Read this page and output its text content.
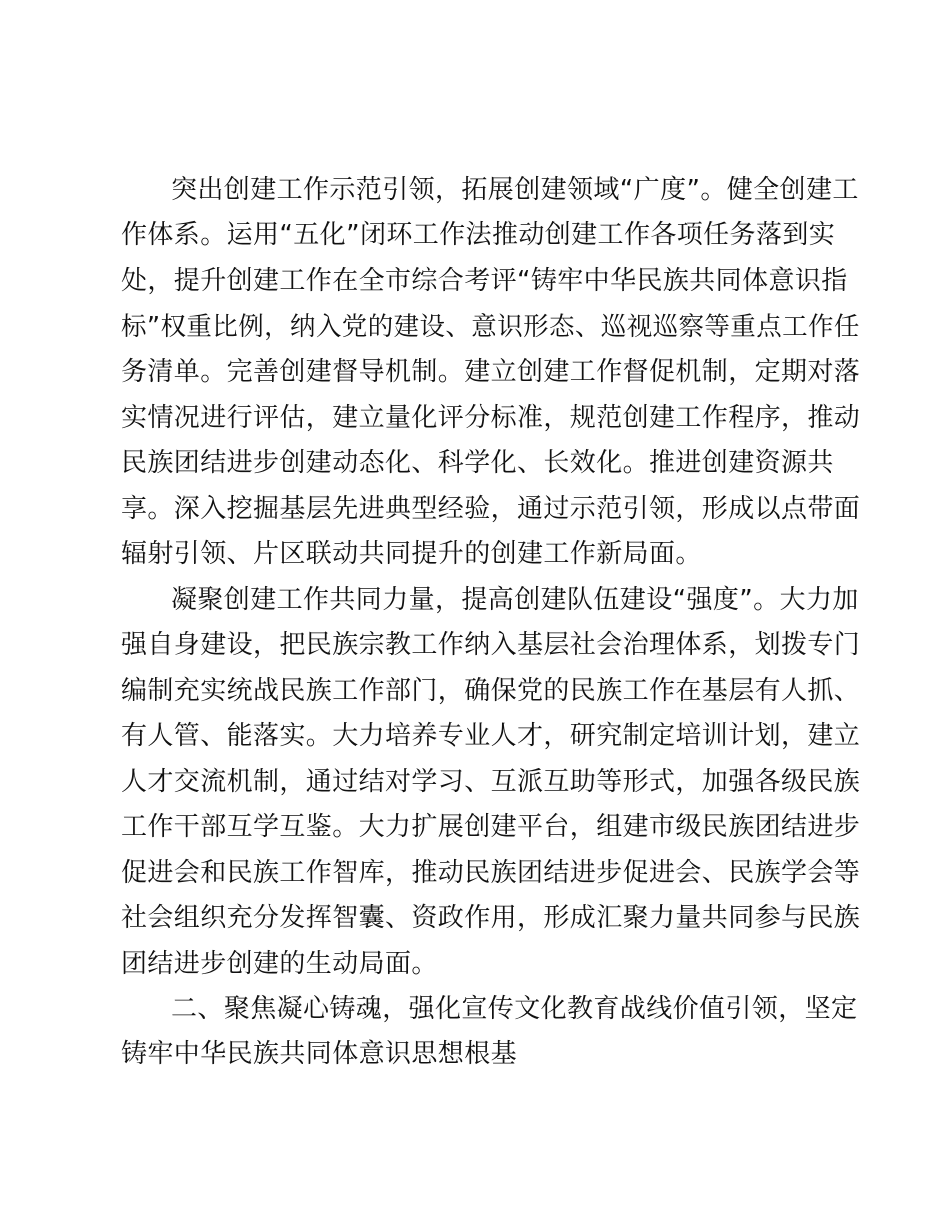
突出创建工作示范引领，拓展创建领域“广度”。健全创建工

作体系。运用“五化”闭环工作法推动创建工作各项任务落到实

处，提升创建工作在全市综合考评“铸牢中华民族共同体意识指

标”权重比例，纳入党的建设、意识形态、巡视巡察等重点工作任

务清单。完善创建督导机制。建立创建工作督促机制，定期对落

实情况进行评估，建立量化评分标准，规范创建工作程序，推动

民族团结进步创建动态化、科学化、长效化。推进创建资源共

享。深入挖掘基层先进典型经验，通过示范引领，形成以点带面

辐射引领、片区联动共同提升的创建工作新局面。

凝聚创建工作共同力量，提高创建队伍建设“强度”。大力加

强自身建设，把民族宗教工作纳入基层社会治理体系，划拨专门

编制充实统战民族工作部门，确保党的民族工作在基层有人抓、

有人管、能落实。大力培养专业人才，研究制定培训计划，建立

人才交流机制，通过结对学习、互派互助等形式，加强各级民族

工作干部互学互鉴。大力扩展创建平台，组建市级民族团结进步

促进会和民族工作智库，推动民族团结进步促进会、民族学会等

社会组织充分发挥智囊、资政作用，形成汇聚力量共同参与民族

团结进步创建的生动局面。

二、聚焦凝心铸魂，强化宣传文化教育战线价值引领，坚定

铸牢中华民族共同体意识思想根基
